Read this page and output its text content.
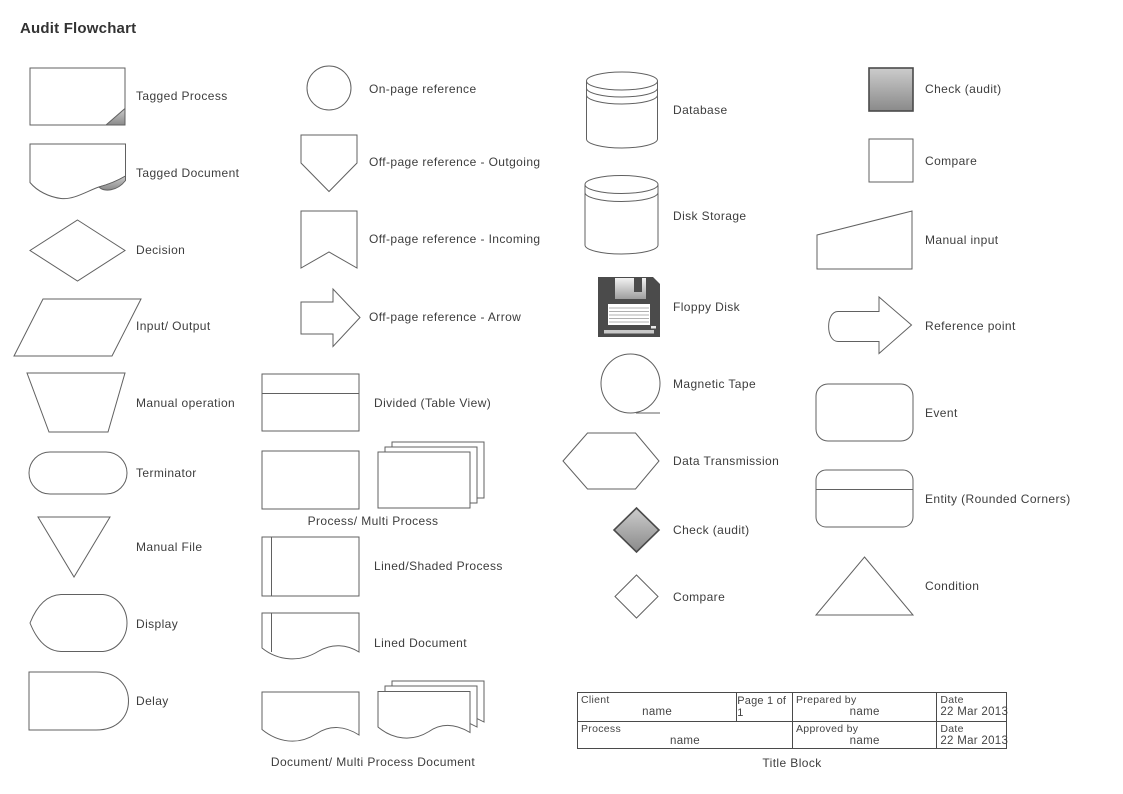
Audit Flowchart
Tagged Process
Tagged Document
Decision
Input/ Output
Manual operation
Terminator
Manual File
Display
Delay
On-page reference
Off-page reference - Outgoing
Off-page reference - Incoming
Off-page reference - Arrow
Divided (Table View)
Process/ Multi Process
Lined/Shaded Process
Lined Document
Document/ Multi Process Document
Database
Disk Storage
Floppy Disk
Magnetic Tape
Data Transmission
Check (audit)
Compare
Check (audit)
Compare
Manual input
Reference point
Event
Entity (Rounded Corners)
Condition
Client
name
Page 1 of 1
Prepared by
name
Date
22 Mar 2013
Process
name
Approved by
name
Date
22 Mar 2013
Title Block
